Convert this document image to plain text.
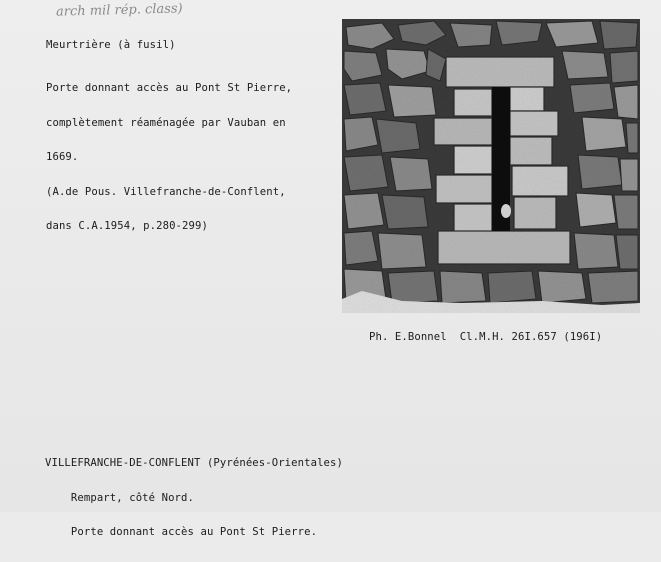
arch mil rép. class)
Meurtrière (à fusil)

Porte donnant accès au Pont St Pierre,

complètement réaménagée par Vauban en

1669.

(A.de Pous. Villefranche-de-Conflent,

dans C.A.1954, p.280-299)

Ph. E.Bonnel  Cl.M.H. 26I.657 (196I)

VILLEFRANCHE-DE-CONFLENT (Pyrénées-Orientales)

Rempart, côté Nord.

Porte donnant accès au Pont St Pierre.
